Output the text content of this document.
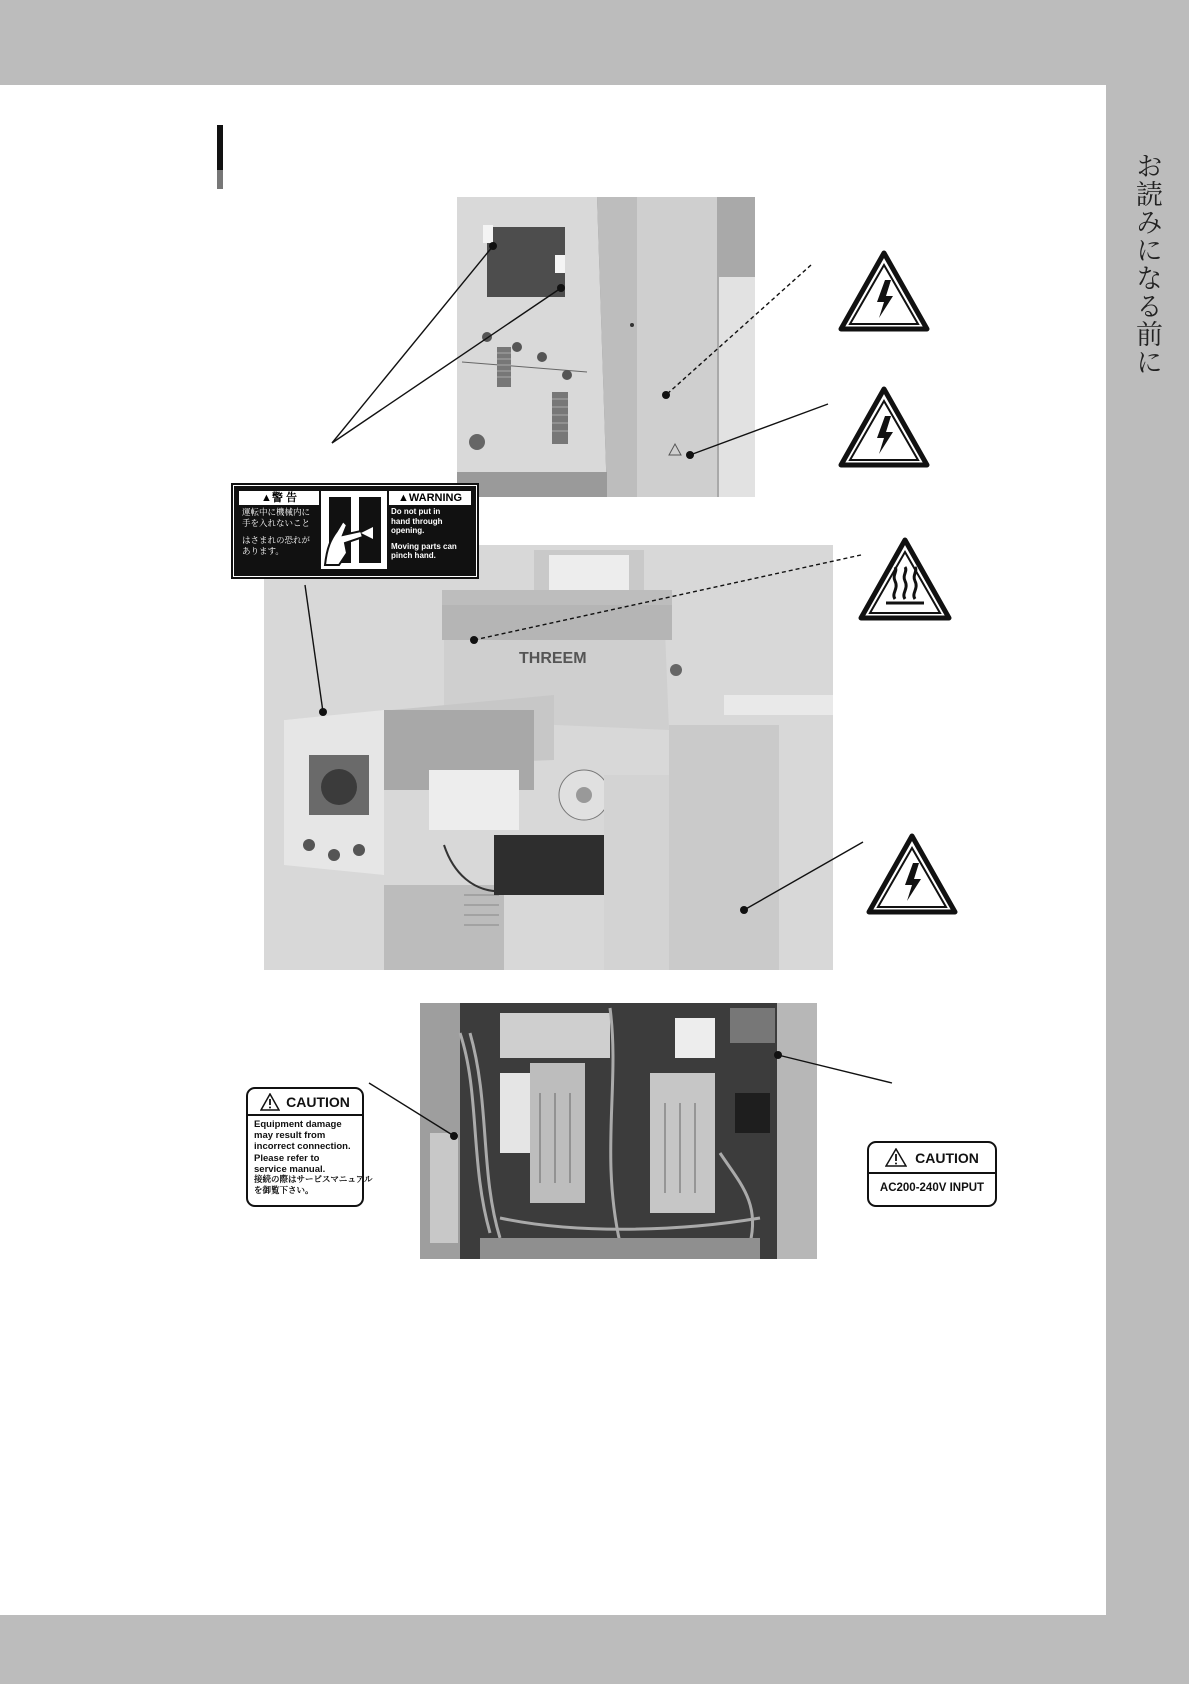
お読みになる前に
THREEM
▲警 告
運転中に機械内に
手を入れないこと
はさまれの恐れが
あります。
▲WARNING
Do not put in
hand through
opening.
Moving parts can
pinch hand.
CAUTION
Equipment damage
may result from
incorrect connection.
Please refer to
service manual.
接続の際はサービスマニュアル
を御覧下さい。
CAUTION
AC200-240V INPUT
